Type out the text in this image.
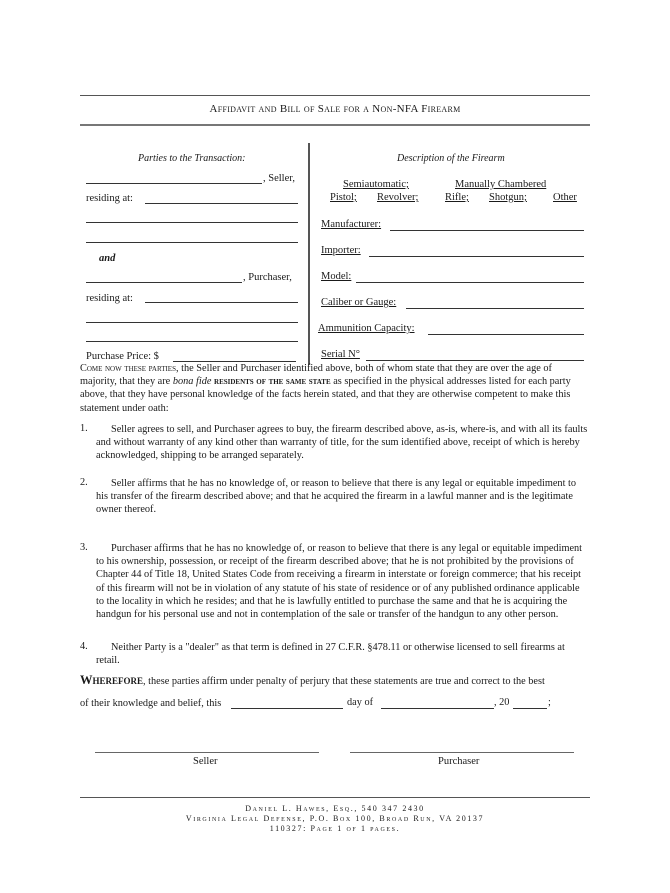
Affidavit and Bill of Sale for a Non-NFA Firearm
Parties to the Transaction:
, Seller,
residing at:
and
, Purchaser,
residing at:
Purchase Price: $
Description of the Firearm
Semiautomatic;	Manually Chambered
Pistol; Revolver;	Rifle; Shotgun; Other
Manufacturer:
Importer:
Model:
Caliber or Gauge:
Ammunition Capacity:
Serial N°
Come now these parties, the Seller and Purchaser identified above, both of whom state that they are over the age of majority, that they are bona fide residents of the same state as specified in the physical addresses listed for each party above, that they have personal knowledge of the facts herein stated, and that they are otherwise competent to make this statement under oath:
1.	Seller agrees to sell, and Purchaser agrees to buy, the firearm described above, as-is, where-is, and with all its faults and without warranty of any kind other than warranty of title, for the sum identified above, receipt of which is hereby acknowledged, shipping to be arranged separately.
2.	Seller affirms that he has no knowledge of, or reason to believe that there is any legal or equitable impediment to his transfer of the firearm described above; and that he acquired the firearm in a lawful manner and is the legitimate owner thereof.
3.	Purchaser affirms that he has no knowledge of, or reason to believe that there is any legal or equitable impediment to his ownership, possession, or receipt of the firearm described above; that he is not prohibited by the provisions of Chapter 44 of Title 18, United States Code from receiving a firearm in interstate or foreign commerce; that his receipt of this firearm will not be in violation of any statute of his state of residence or of any published ordinance applicable to the locality in which he resides; and that he is lawfully entitled to purchase the same and that he is acquiring the handgun for his personal use and not in contemplation of the sale or transfer of the handgun to any other person.
4.	Neither Party is a "dealer" as that term is defined in 27 C.F.R. §478.11 or otherwise licensed to sell firearms at retail.
Wherefore, these parties affirm under penalty of perjury that these statements are true and correct to the best
of their knowledge and belief, this	day of	, 20	;
Seller	Purchaser
Daniel L. Hawes, Esq., 540 347 2430
Virginia Legal Defense, P.O. Box 100, Broad Run, VA 20137
110327: Page 1 of 1 pages.
